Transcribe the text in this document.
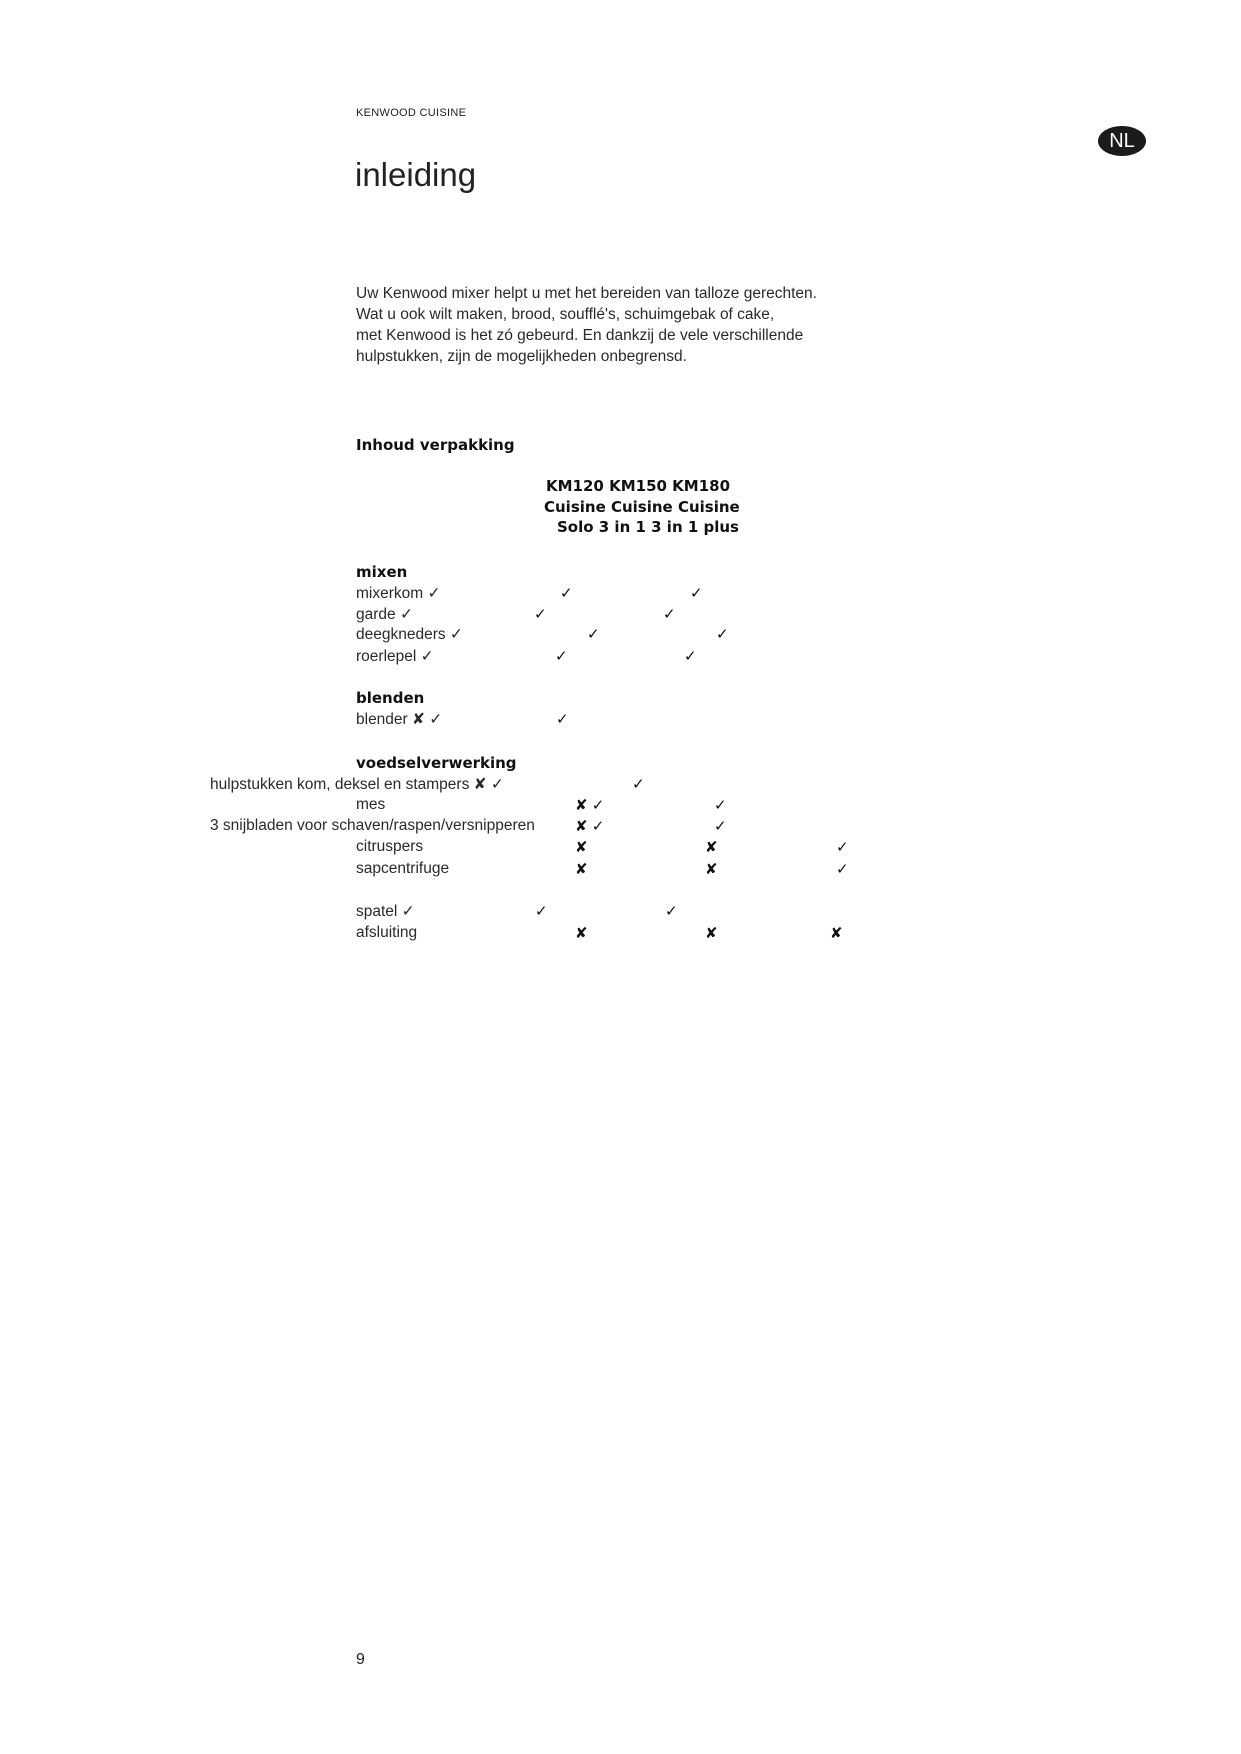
KENWOOD CUISINE
NL
inleiding
Uw Kenwood mixer helpt u met het bereiden van talloze gerechten.
Wat u ook wilt maken, brood, soufflé's, schuimgebak of cake,
met Kenwood is het zó gebeurd. En dankzij de vele verschillende
hulpstukken, zijn de mogelijkheden onbegrensd.
Inhoud verpakking
KM120 KM150 KM180
Cuisine Cuisine Cuisine
Solo 3 in 1 3 in 1 plus
mixen
mixerkom ✓	✓	✓
garde ✓	✓	✓
deegkneders ✓	✓	✓
roerlepel ✓	✓	✓
blenden
blender ✘ ✓	✓
voedselverwerking
hulpstukken kom, deksel en stampers ✘ ✓	✓
mes	✘ ✓	✓
3 snijbladen voor schaven/raspen/versnipperen	✘ ✓	✓
citruspers	✘	✘	✓
sapcentrifuge	✘	✘	✓
spatel ✓	✓	✓
afsluiting	✘	✘	✘
9
